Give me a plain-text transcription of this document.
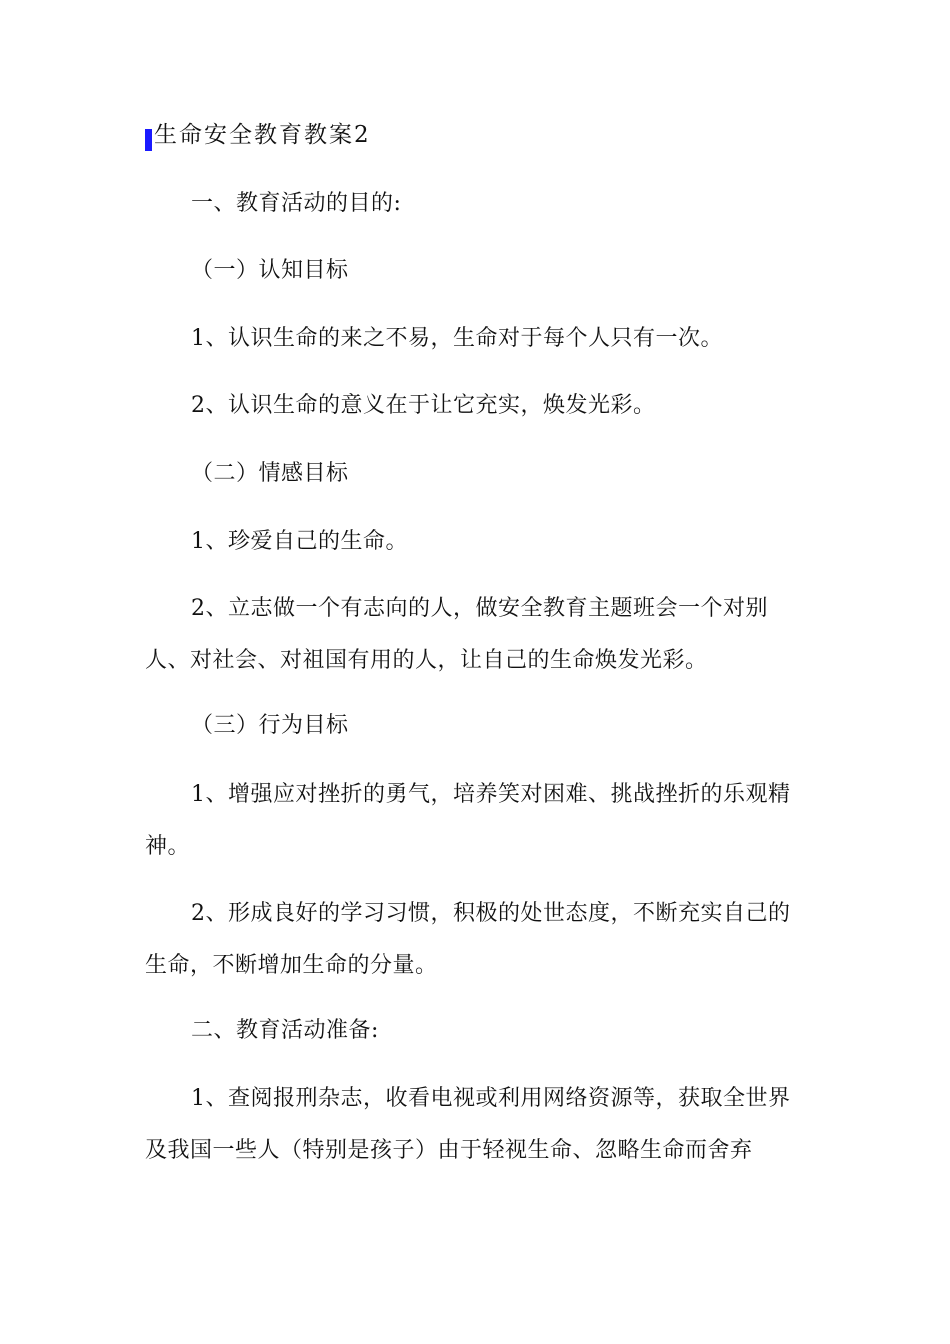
生命安全教育教案2

一、教育活动的目的:

（一）认知目标

1、认识生命的来之不易，生命对于每个人只有一次。

2、认识生命的意义在于让它充实，焕发光彩。

（二）情感目标

1、珍爱自己的生命。

2、立志做一个有志向的人，做安全教育主题班会一个对别人、对社会、对祖国有用的人，让自己的生命焕发光彩。

（三）行为目标

1、增强应对挫折的勇气，培养笑对困难、挑战挫折的乐观精神。

2、形成良好的学习习惯，积极的处世态度，不断充实自己的生命，不断增加生命的分量。

二、教育活动准备:

1、查阅报刑杂志，收看电视或利用网络资源等，获取全世界及我国一些人（特别是孩子）由于轻视生命、忽略生命而舍弃
